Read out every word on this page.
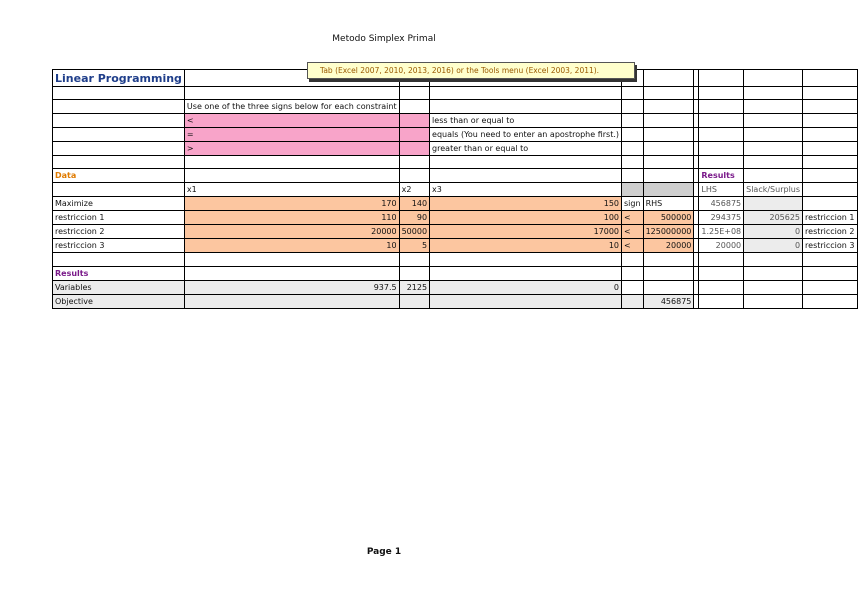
Metodo Simplex Primal
Linear Programming									

	Use one of the three signs below for each constraint								
	<		less than or equal to						
	=		equals (You need to enter an apostrophe first.)						
	>		greater than or equal to						

Data							Results		
	x1	x2	x3				LHS	Slack/Surplus	
Maximize	170	140	150	sign	RHS		456875		
restriccion 1	110	90	100	<	500000		294375	205625	restriccion 1
restriccion 2	20000	50000	17000	<	125000000		1.25E+08	0	restriccion 2
restriccion 3	10	5	10	<	20000		20000	0	restriccion 3

Results									
Variables	937.5	2125	0						
Objective					456875				
Tab (Excel 2007, 2010, 2013, 2016) or the Tools menu (Excel 2003, 2011).
Page 1
